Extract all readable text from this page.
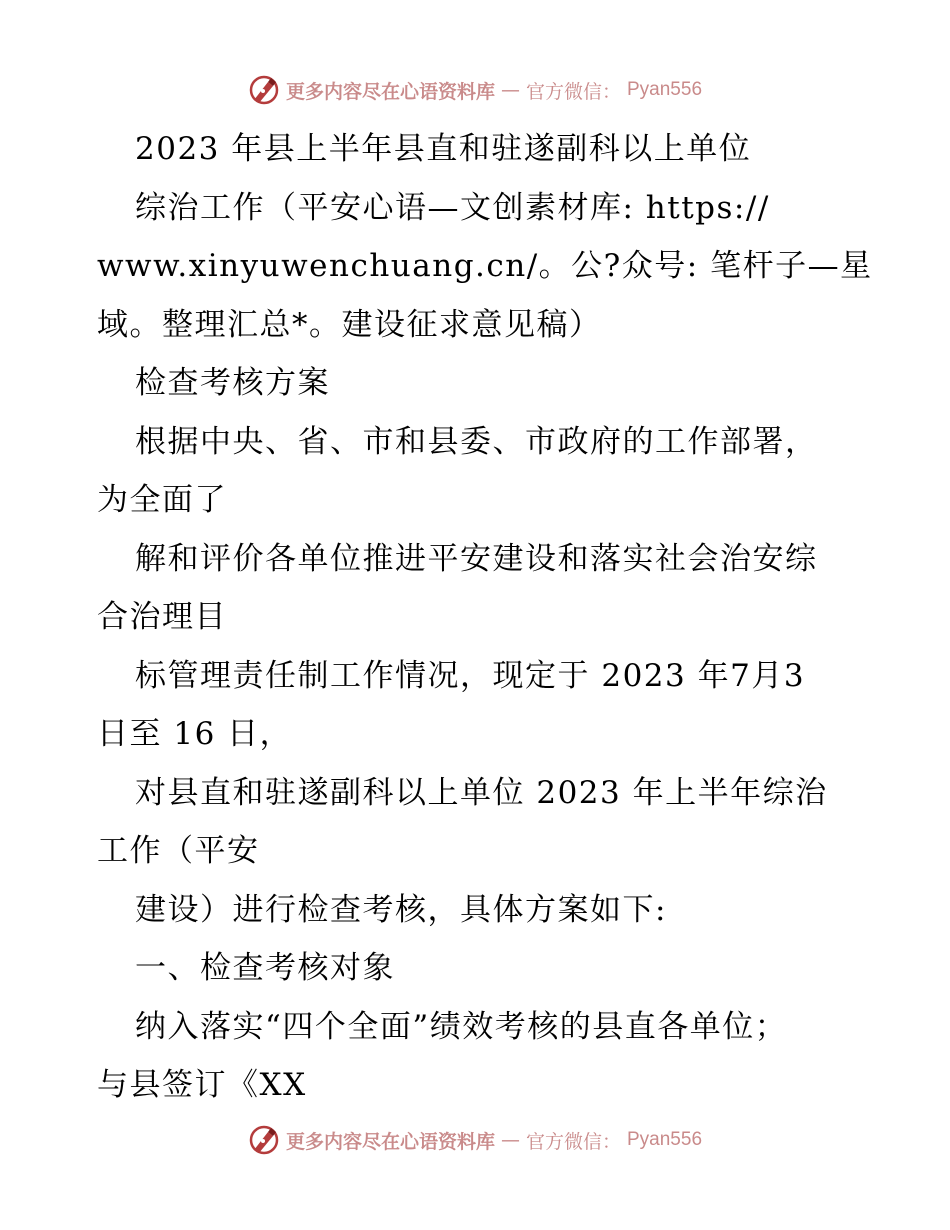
更多内容尽在心语资料库 — 官方微信： Pyan556
2023 年县上半年县直和驻遂副科以上单位
综治工作（平安心语—文创素材库: https://
www.xinyuwenchuang.cn/。公?众号: 笔杆子—星
域。整理汇总*。建设征求意见稿）
检查考核方案
根据中央、省、市和县委、市政府的工作部署，
为全面了
解和评价各单位推进平安建设和落实社会治安综
合治理目
标管理责任制工作情况，现定于 2023 年7月3
日至 16 日，
对县直和驻遂副科以上单位 2023 年上半年综治
工作（平安
建设）进行检查考核，具体方案如下:
一、检查考核对象
纳入落实“四个全面”绩效考核的县直各单位；
与县签订《XX
更多内容尽在心语资料库 — 官方微信： Pyan556
